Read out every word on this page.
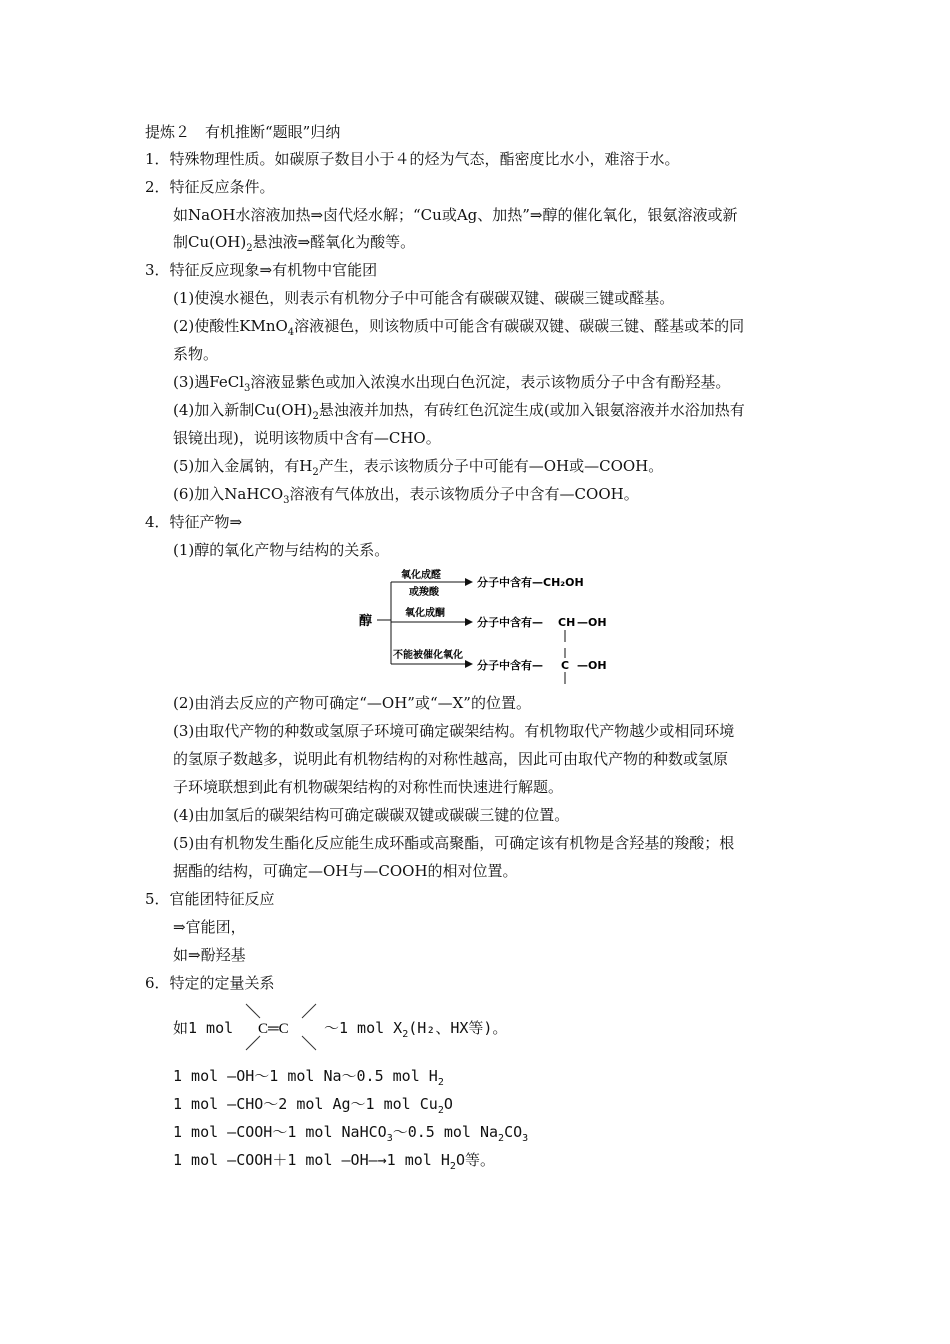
提炼２　有机推断“题眼”归纳
1．特殊物理性质。如碳原子数目小于４的烃为气态，酯密度比水小，难溶于水。
2．特征反应条件。
如NaOH水溶液加热⇒卤代烃水解；“Cu或Ag、加热”⇒醇的催化氧化，银氨溶液或新
制$Cu(OH)_2$悬浊液⇒醛氧化为酸等。
3．特征反应现象⇒有机物中官能团
(1)使溴水褪色，则表示有机物分子中可能含有碳碳双键、碳碳三键或醛基。
(2)使酸性KMnO$_4$溶液褪色，则该物质中可能含有碳碳双键、碳碳三键、醛基或苯的同
系物。
(3)遇FeCl$_3$溶液显紫色或加入浓溴水出现白色沉淀，表示该物质分子中含有酚羟基。
(4)加入新制$Cu(OH)_2$悬浊液并加热，有砖红色沉淀生成(或加入银氨溶液并水浴加热有
银镜出现)，说明该物质中含有—CHO。
(5)加入金属钠，有$H_2$产生，表示该物质分子中可能有—OH或—COOH。
(6)加入NaHCO$_3$溶液有气体放出，表示该物质分子中含有—COOH。
4．特征产物⇒
(1)醇的氧化产物与结构的关系。
醇
氧化成醛
或羧酸
分子中含有—CH₂OH
氧化成酮
分子中含有— CH —OH
不能被催化氧化
分子中含有— C —OH
(2)由消去反应的产物可确定“—OH”或“—X”的位置。
(3)由取代产物的种数或氢原子环境可确定碳架结构。有机物取代产物越少或相同环境
的氢原子数越多，说明此有机物结构的对称性越高，因此可由取代产物的种数或氢原
子环境联想到此有机物碳架结构的对称性而快速进行解题。
(4)由加氢后的碳架结构可确定碳碳双键或碳碳三键的位置。
(5)由有机物发生酯化反应能生成环酯或高聚酯，可确定该有机物是含羟基的羧酸；根
据酯的结构，可确定—OH与—COOH的相对位置。
5．官能团特征反应
⇒官能团，
如⇒酚羟基
6．特定的定量关系
如1 mol C═C ～1 mol $X_2(H_2$、HX等)。
1 mol —OH～1 mol Na～0.5 mol $H_2$
1 mol —CHO～2 mol Ag～1 mol $Cu_2O$
1 mol —COOH～1 mol NaHCO$_3$～0.5 mol $Na_2CO_3$
1 mol —COOH＋1 mol —OH—→1 mol $H_2O$等。
